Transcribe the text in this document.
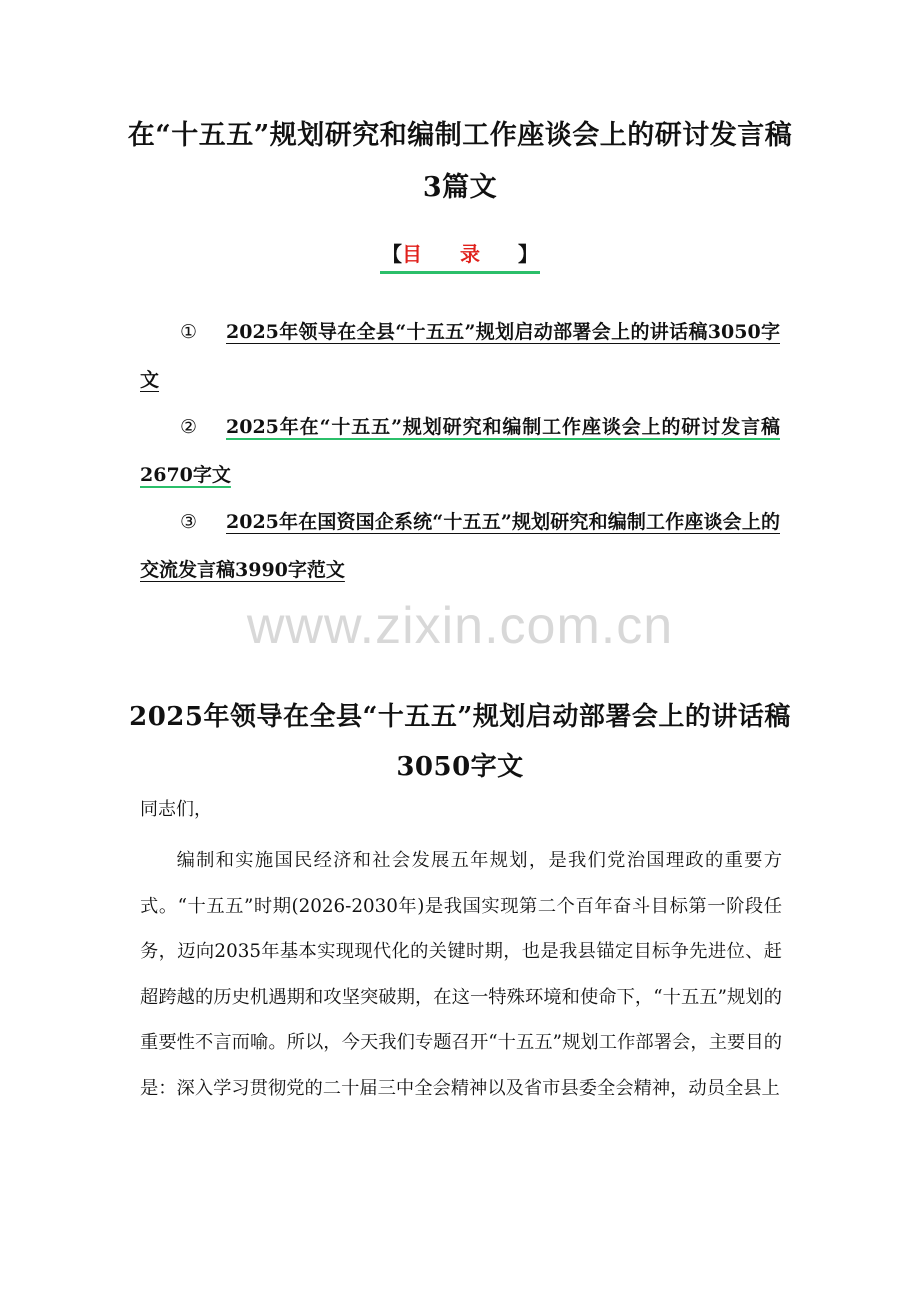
在“十五五”规划研究和编制工作座谈会上的研讨发言稿3篇文
【目录】
① 2025年领导在全县“十五五”规划启动部署会上的讲话稿3050字文
② 2025年在“十五五”规划研究和编制工作座谈会上的研讨发言稿2670字文
③ 2025年在国资国企系统“十五五”规划研究和编制工作座谈会上的交流发言稿3990字范文
www.zixin.com.cn
2025年领导在全县“十五五”规划启动部署会上的讲话稿3050字文
同志们，
编制和实施国民经济和社会发展五年规划，是我们党治国理政的重要方式。“十五五”时期(2026-2030年)是我国实现第二个百年奋斗目标第一阶段任务，迈向2035年基本实现现代化的关键时期，也是我县锚定目标争先进位、赶超跨越的历史机遇期和攻坚突破期，在这一特殊环境和使命下，“十五五”规划的重要性不言而喻。所以，今天我们专题召开“十五五”规划工作部署会，主要目的是：深入学习贯彻党的二十届三中全会精神以及省市县委全会精神，动员全县上
